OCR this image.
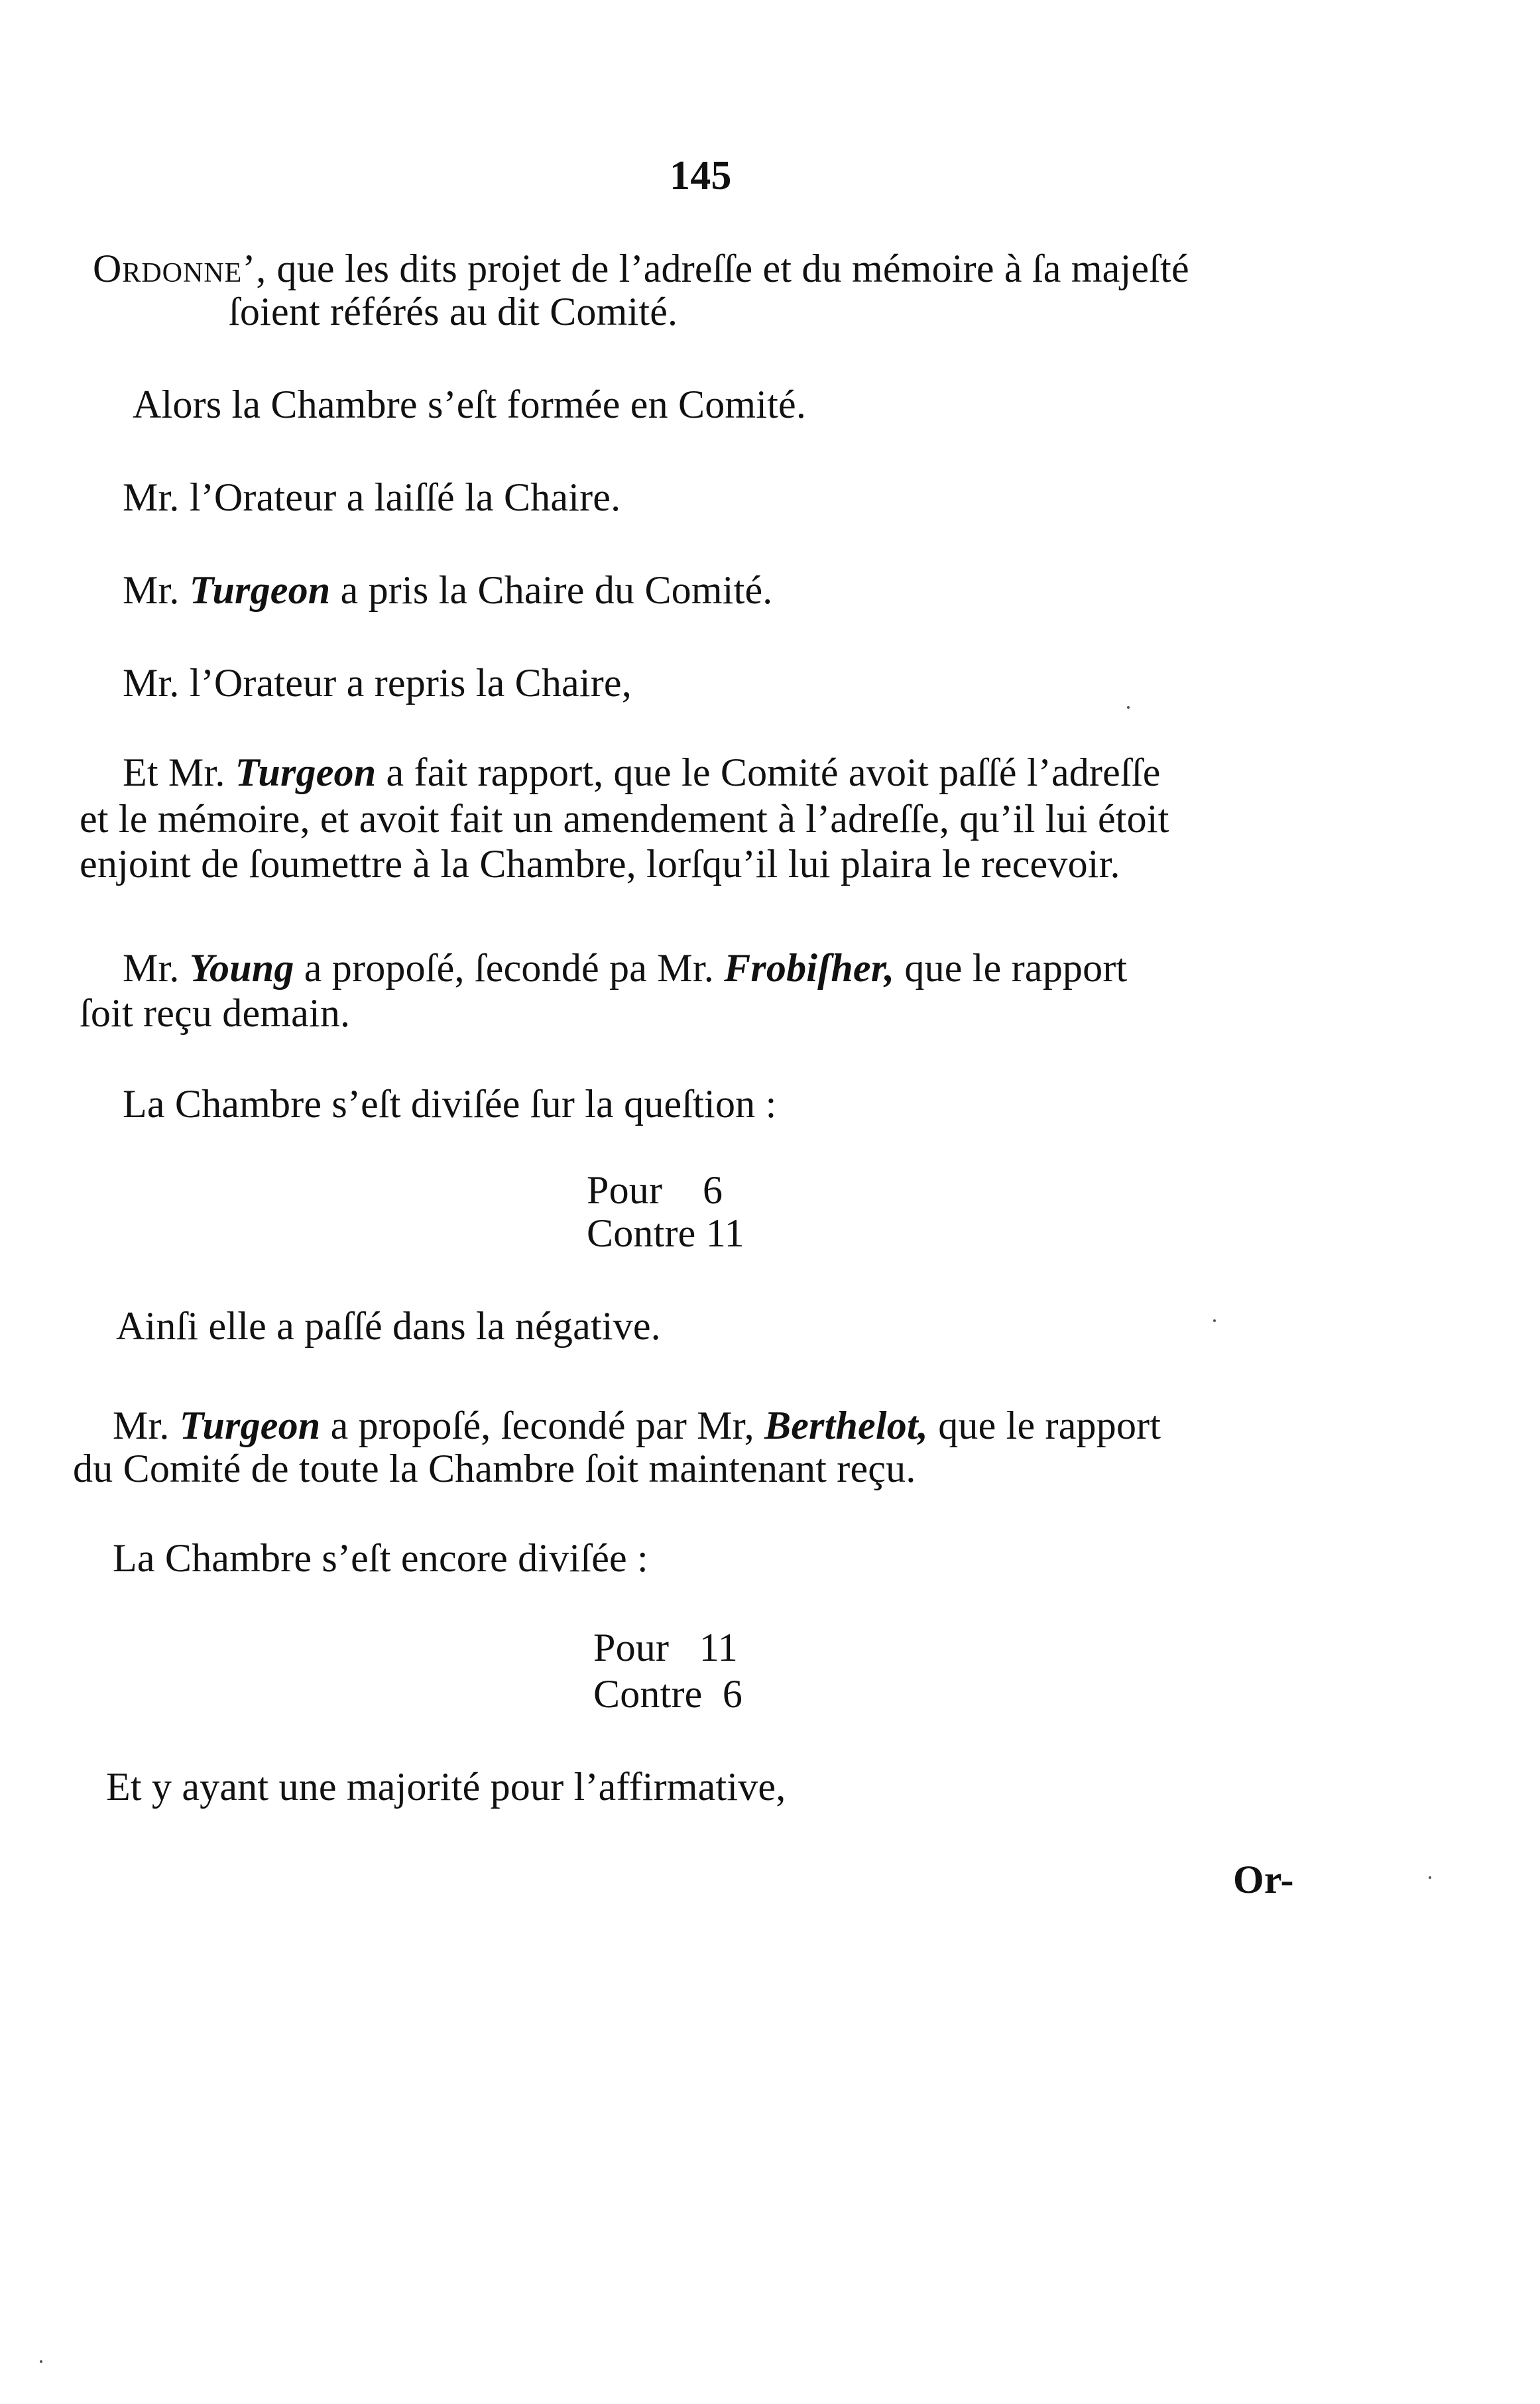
145
Ordonne’, que les dits projet de l’adreſſe et du mémoire à ſa majeſté
ſoient référés au dit Comité.
Alors la Chambre s’eſt formée en Comité.
Mr. l’Orateur a laiſſé la Chaire.
Mr. Turgeon a pris la Chaire du Comité.
Mr. l’Orateur a repris la Chaire,
Et Mr. Turgeon a fait rapport, que le Comité avoit paſſé l’adreſſe
et le mémoire, et avoit fait un amendement à l’adreſſe, qu’il lui étoit
enjoint de ſoumettre à la Chambre, lorſqu’il lui plaira le recevoir.
Mr. Young a propoſé, ſecondé pa Mr. Frobiſher, que le rapport
ſoit reçu demain.
La Chambre s’eſt diviſée ſur la queſtion :
Pour    6
Contre 11
Ainſi elle a paſſé dans la négative.
Mr. Turgeon a propoſé, ſecondé par Mr, Berthelot, que le rapport
du Comité de toute la Chambre ſoit maintenant reçu.
La Chambre s’eſt encore diviſée :
Pour   11
Contre  6
Et y ayant une majorité pour l’affirmative,
Or-
